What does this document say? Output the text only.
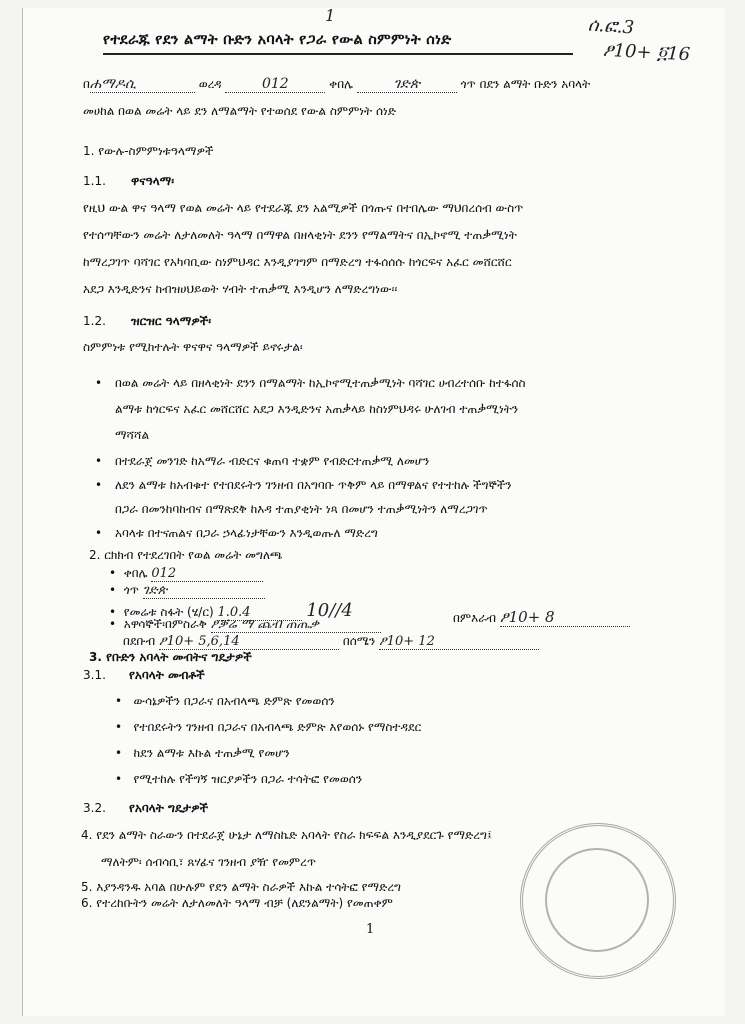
1	ሰ.ፎ.3
ፆ10+ ፬16
የተደራጁ የደን ልማት ቡድን አባላት የጋራ የውል ስምምነት ሰነድ
በሐማዶሲ	ወረዳ	012	ቀበሌ	ገድጵ	ጎጥ በደን ልማት ቡድን አባላት
መሀከል በወል መሬት ላይ ደን ለማልማት የተወሰደ የውል ስምምነት ሰነድ
1. የውሉ-ስምምነቱዓላማዎች
1.1. ዋናዓላማ፡
የዚህ ውል ዋና ዓላማ የወል መሬት ላይ የተደራጁ ደን አልሚዎች በጎጡና በተበሌው ማህበረሰብ ውስጥ
የተሰጣቸውን መሬት ለታለመለት ዓላማ በማዋል በዘላቂነት ደንን የማልማትና በኢኮኖሚ ተጠቃሚነት
ከማረጋገጥ ባሻገር የአካባቢው ስነምህዳር እንዲያገግም በማድረግ ተፋሰሰሱ ከጎርፍና አፈር መሸርሸር
አደጋ እንዲድንና ከብዝሀህይወት ሃብት ተጠቃሚ እንዲሆን ለማድረግነው፡፡
1.2. ዝርዝር ዓላማዎች፡
ስምምነቱ የሚከተሉት ዋናዋና ዓላማዎች ይኖሩታል፡
• በወል መሬት ላይ በዘላቂነት ደንን በማልማት ከኢኮኖሚተጠቃሚነት ባሻገር ሀብረተሰቡ ከተፋሰስ
ልማቱ ከጎርፍና አፈር መሸርሸር አደጋ እንዲድንና አጠቃላይ ከስነምህዳሩ ሁለገብ ተጠቃሚነትን
ማሻሻል
• በተደራጀ መንገድ ከአማራ ብድርና ቁጠባ ተቋም የብድርተጠቃሚ ለመሆን
• ለደን ልማቱ ከአብቁተ የተበደሩትን ገንዘብ በአግባቡ ጥቅም ላይ በማዋልና የተተከሉ ችግኞችን
በጋራ በመንከባከብና በማጽደቅ ከእዳ ተጠያቂነት ነጻ በመሆን ተጠቃሚነትን ለማረጋገጥ
• አባላቱ በተናጠልና በጋራ ኃላፊነታቸውን እንዲወጡለ ማድረግ
2. ርክክብ የተደረገበት የወል መሬት መግለጫ
•  ቀበሌ 012
•  ጎጥ ገድጵ
•  የመሬቱ ስፋት (ሄ/ር) 1.0.4	10//4
•  አዋሳኞች፡በምስራቅ ፆቓሬ ማ ጨብ ጠጤቃ	በምእራብ ፆ10+ 8
በደቡብ ፆ10+ 5,6,14	በሰሜን ፆ10+ 12
3. የቡድን አባላት መብትና ግዴታዎች
3.1. የአባላት መብቶች
•   ውሳኔዎችን በጋራና በአብላጫ ድምጽ የመወሰን
•   የተበደሩትን ገንዘብ በጋራና በአብላጫ ድምጽ እየወሰኑ የማስተዳደር
•   ከደን ልማቱ እኩል ተጠቃሚ የመሆን
•   የሚተከሉ የችግኝ ዝርያዎችን በጋራ ተሳትፎ የመወሰን
3.2. የአባላት ግዴታዎች
4. የደን ልማት ስራውን በተደራጀ ሁኔታ ለማስኬድ አባላት የስራ ክፍፍል እንዲያደርጉ የማድረግ፤
ማለትም፡ ሰብሳቢ፣ ጸሃፊና ገንዘብ ያዥ የመምረጥ
5. እያንዳንዱ አባል በሁሉም የደን ልማት ስራዎች እኩል ተሳትፎ የማድረግ
6. የተረከቡትን መሬት ለታለመለት ዓላማ ብቻ (ለደንልማት) የመጠቀም
1
